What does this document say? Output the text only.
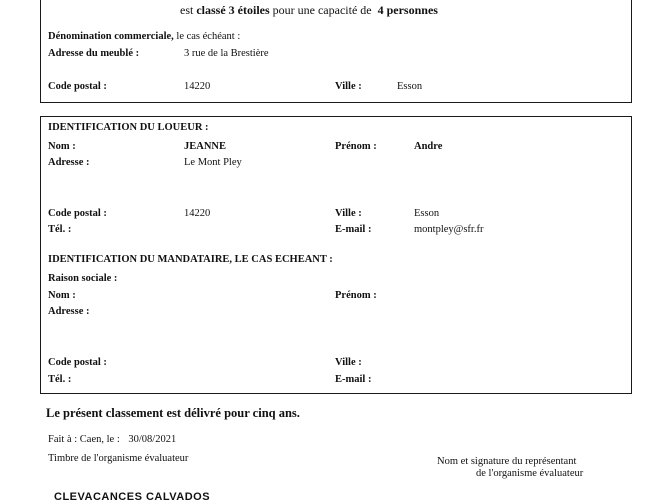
est classé 3 étoiles pour une capacité de 4 personnes
Dénomination commerciale, le cas échéant :
Adresse du meublé :	3 rue de la Brestière
Code postal :	14220	Ville :	Esson
IDENTIFICATION DU LOUEUR :
Nom :	JEANNE	Prénom :	Andre
Adresse :	Le Mont Pley
Code postal :	14220	Ville :	Esson
Tél. :	E-mail :	montpley@sfr.fr
IDENTIFICATION DU MANDATAIRE, LE CAS ECHEANT :
Raison sociale :
Nom :	Prénom :
Adresse :
Code postal :	Ville :
Tél. :	E-mail :
Le présent classement est délivré pour cinq ans.
Fait à : Caen, le : 30/08/2021
Timbre de l'organisme évaluateur	Nom et signature du représentant
de l'organisme évaluateur
CLEVACANCES CALVADOS
